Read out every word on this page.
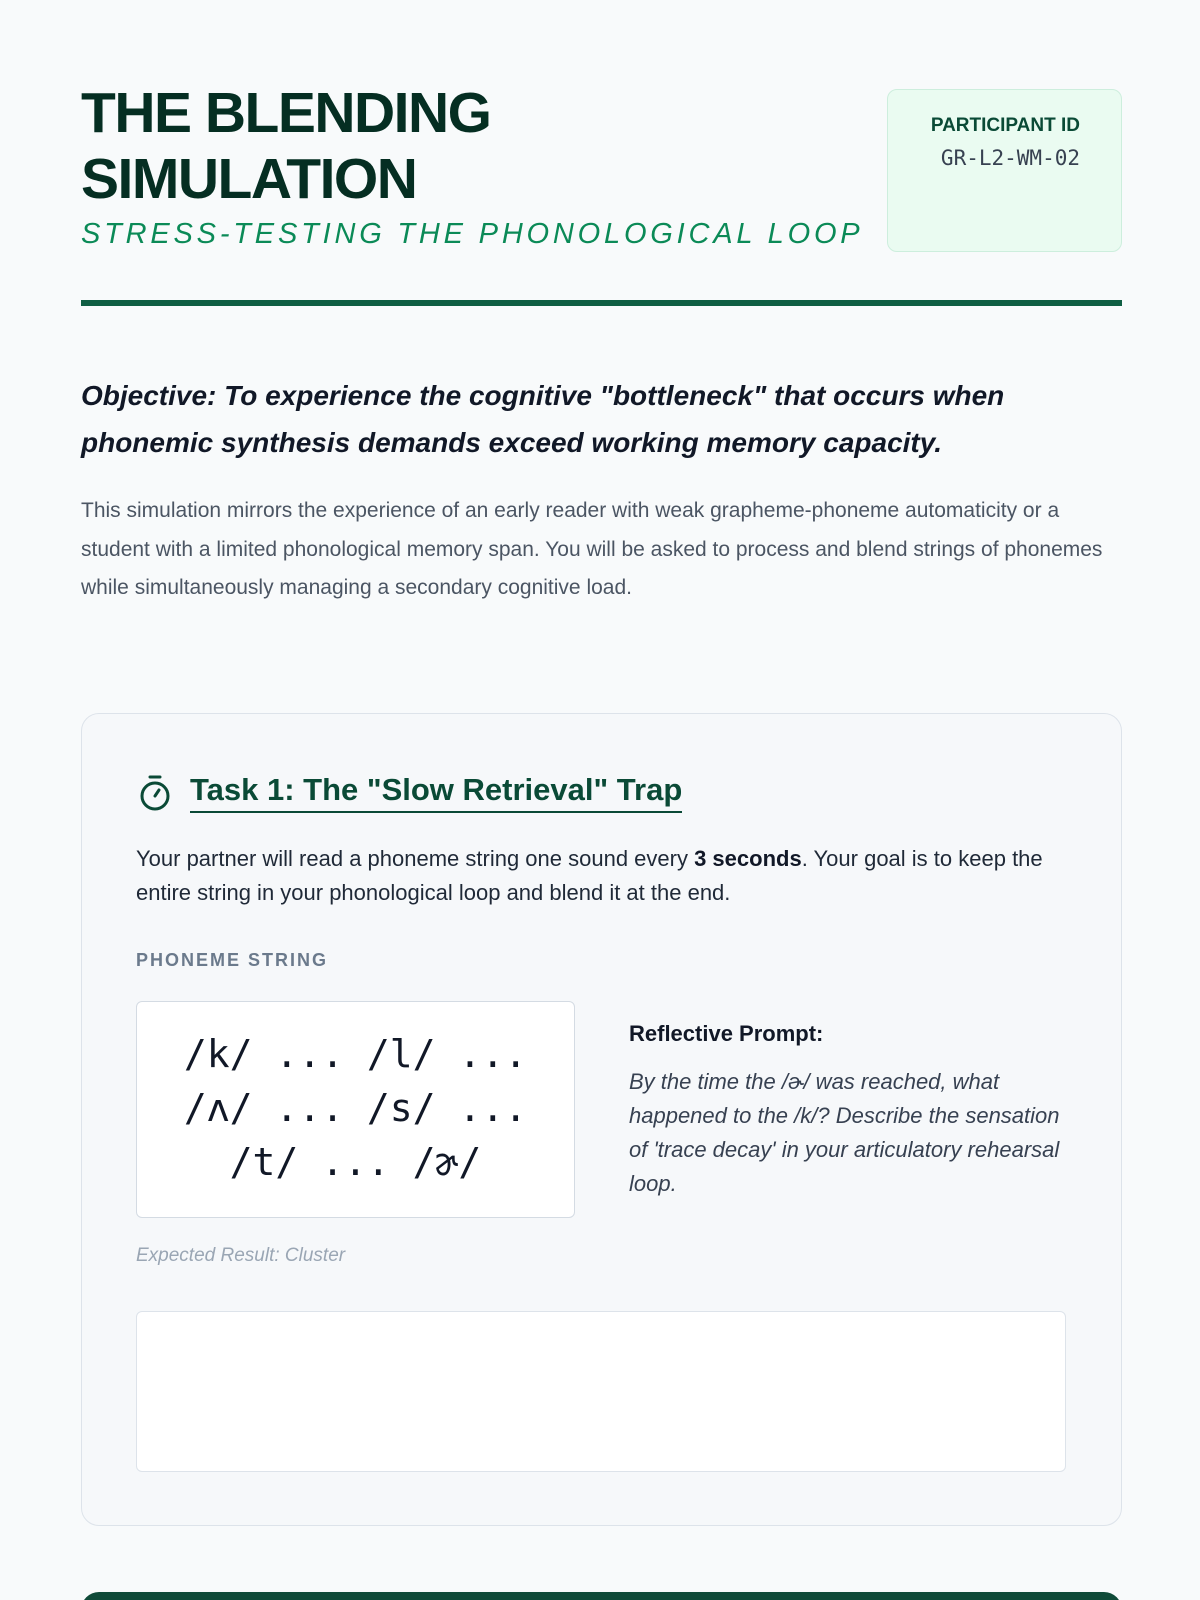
THE BLENDING
SIMULATION
STRESS-TESTING THE PHONOLOGICAL LOOP
PARTICIPANT ID
GR-L2-WM-02

Objective: To experience the cognitive "bottleneck" that occurs when phonemic synthesis demands exceed working memory capacity.

This simulation mirrors the experience of an early reader with weak grapheme-phoneme automaticity or a student with a limited phonological memory span. You will be asked to process and blend strings of phonemes while simultaneously managing a secondary cognitive load.

Task 1: The "Slow Retrieval" Trap

Your partner will read a phoneme string one sound every 3 seconds. Your goal is to keep the entire string in your phonological loop and blend it at the end.

PHONEME STRING
/k/ ... /l/ ... /ʌ/ ... /s/ ... /t/ ... /ɚ/
Reflective Prompt:

By the time the /ɚ/ was reached, what happened to the /k/? Describe the sensation of 'trace decay' in your articulatory rehearsal loop.

Expected Result: Cluster
